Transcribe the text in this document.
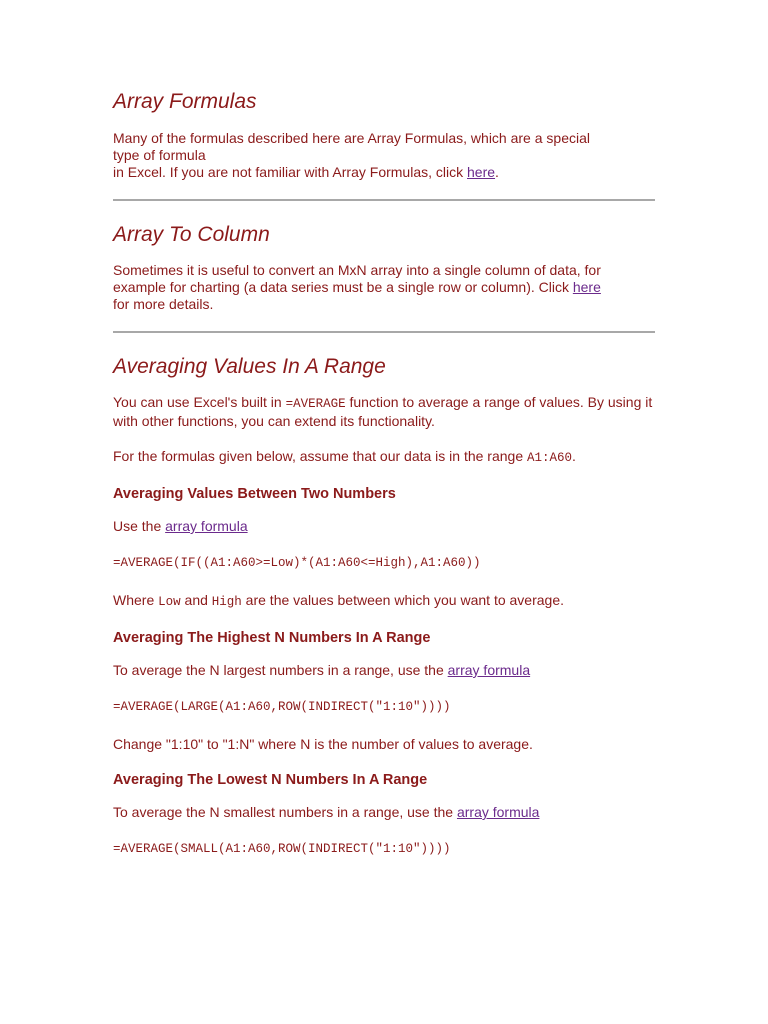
Array Formulas

Many of the formulas described here are Array Formulas, which are a special
type of formula
in Excel. If you are not familiar with Array Formulas, click here.

Array To Column

Sometimes it is useful to convert an MxN array into a single column of data, for
example for charting (a data series must be a single row or column). Click here
for more details.

Averaging Values In A Range

You can use Excel's built in =AVERAGE function to average a range of values. By using it
with other functions, you can extend its functionality.

For the formulas given below, assume that our data is in the range A1:A60.

Averaging Values Between Two Numbers

Use the array formula

=AVERAGE(IF((A1:A60>=Low)*(A1:A60<=High),A1:A60))

Where Low and High are the values between which you want to average.

Averaging The Highest N Numbers In A Range

To average the N largest numbers in a range, use the array formula

=AVERAGE(LARGE(A1:A60,ROW(INDIRECT("1:10"))))

Change "1:10" to "1:N" where N is the number of values to average.

Averaging The Lowest N Numbers In A Range

To average the N smallest numbers in a range, use the array formula

=AVERAGE(SMALL(A1:A60,ROW(INDIRECT("1:10"))))
